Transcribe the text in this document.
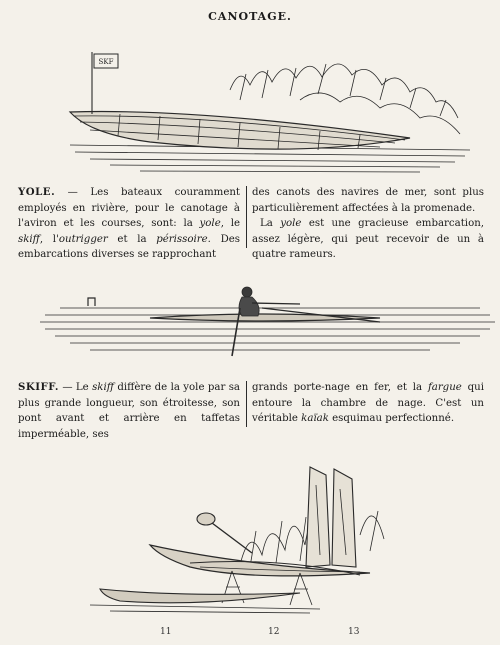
CANOTAGE.
SKF
YOLE. — Les bateaux couramment employés en rivière, pour le canotage à l'aviron et les courses, sont: la yole, le skiff, l'outrigger et la périssoire. Des embarcations diverses se rapprochant
des canots des navires de mer, sont plus particulièrement affectées à la promenade.
La yole est une gracieuse embarcation, assez légère, qui peut recevoir de un à quatre rameurs.
SKIFF. — Le skiff diffère de la yole par sa plus grande longueur, son étroitesse, son pont avant et arrière en taffetas imperméable, ses
grands porte-nage en fer, et la fargue qui entoure la chambre de nage. C'est un véritable kaïak esquimau perfectionné.
11	12	13
